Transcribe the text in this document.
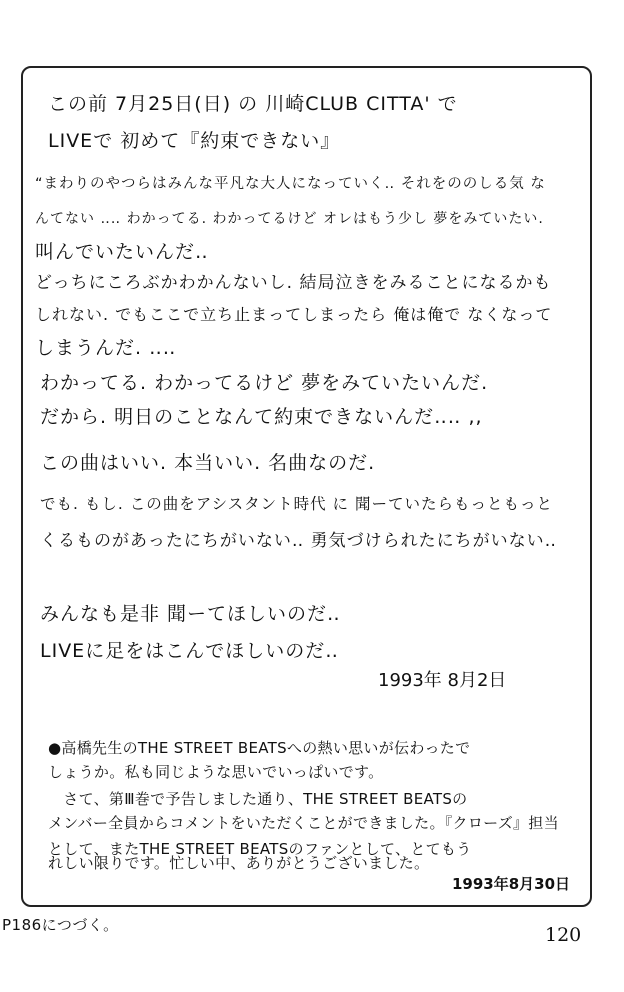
この前 7月25日(日) の 川崎CLUB CITTA' で
LIVEで 初めて『約束できない』
“まわりのやつらはみんな平凡な大人になっていく‥ それをののしる気 な
んてない ‥‥ わかってる. わかってるけど オレはもう少し 夢をみていたい.
叫んでいたいんだ‥
どっちにころぶかわかんないし. 結局泣きをみることになるかも
しれない. でもここで立ち止まってしまったら 俺は俺で なくなって
しまうんだ. ‥‥
わかってる. わかってるけど 夢をみていたいんだ.
だから. 明日のことなんて約束できないんだ‥‥ ,,
この曲はいい. 本当いい. 名曲なのだ.
でも. もし. この曲をアシスタント時代 に 聞ーていたらもっともっと
くるものがあったにちがいない‥ 勇気づけられたにちがいない‥
みんなも是非 聞ーてほしいのだ‥
LIVEに足をはこんでほしいのだ‥
1993年 8月2日
●高橋先生のTHE STREET BEATSへの熱い思いが伝わったで
しょうか。私も同じような思いでいっぱいです。
　さて、第Ⅲ巻で予告しました通り、THE STREET BEATSの
メンバー全員からコメントをいただくことができました。『クローズ』担当
として、またTHE STREET BEATSのファンとして、とてもう
れしい限りです。忙しい中、ありがとうございました。
1993年8月30日
P186につづく。	120
